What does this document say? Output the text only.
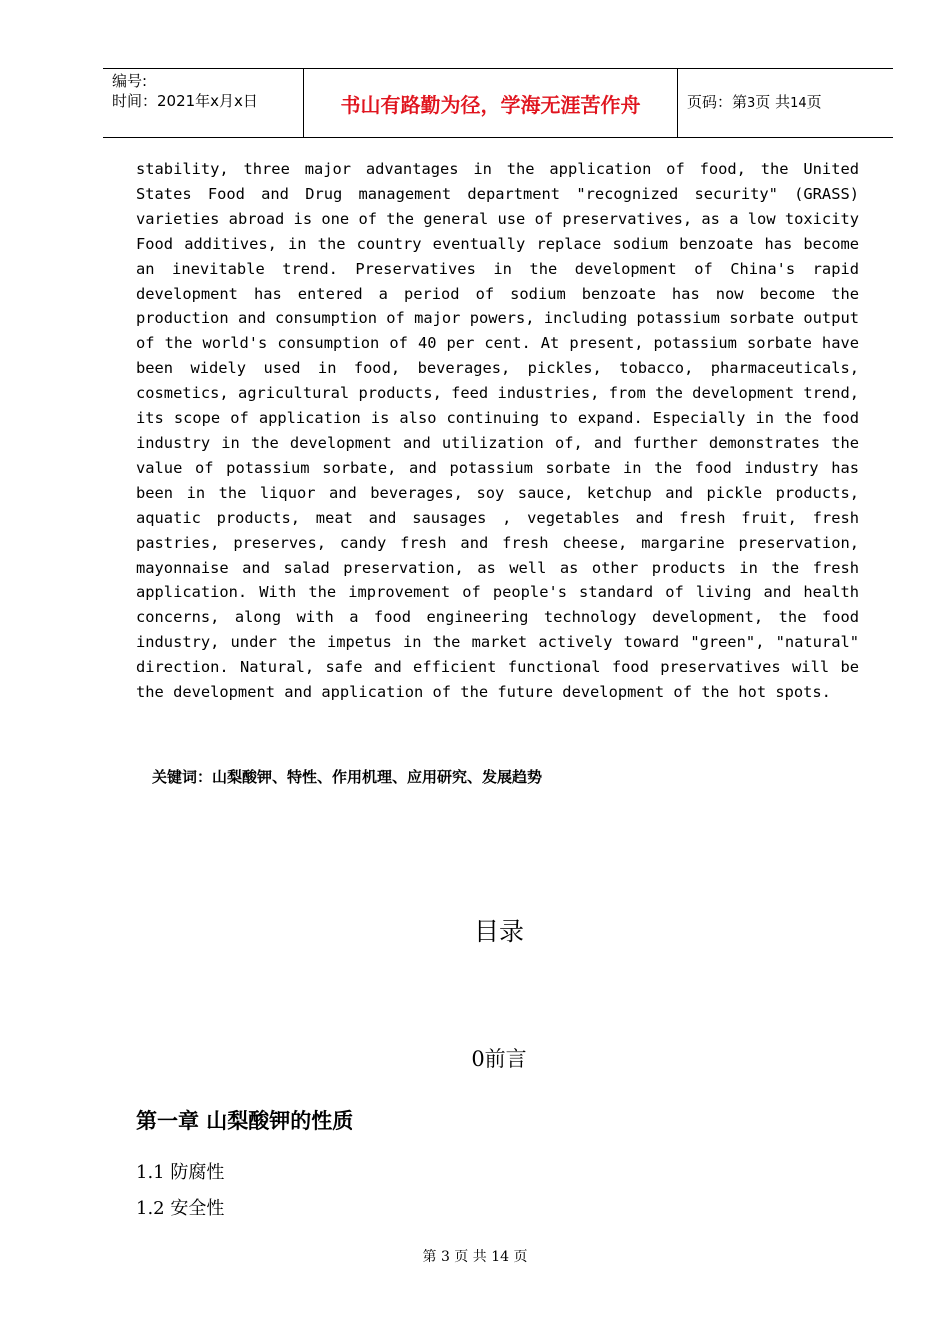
编号:
时间：2021年x月x日	书山有路勤为径，学海无涯苦作舟	页码：第3页 共14页
stability, three major advantages in the application of food, the United States Food and Drug management department "recognized security" (GRASS) varieties abroad is one of the general use of preservatives, as a low toxicity Food additives, in the country eventually replace sodium benzoate has become an inevitable trend. Preservatives in the development of China's rapid development has entered a period of sodium benzoate has now become the production and consumption of major powers, including potassium sorbate output of the world's consumption of 40 per cent. At present, potassium sorbate have been widely used in food, beverages, pickles, tobacco, pharmaceuticals, cosmetics, agricultural products, feed industries, from the development trend, its scope of application is also continuing to expand. Especially in the food industry in the development and utilization of, and further demonstrates the value of potassium sorbate, and potassium sorbate in the food industry has been in the liquor and beverages, soy sauce, ketchup and pickle products, aquatic products, meat and sausages , vegetables and fresh fruit, fresh pastries, preserves, candy fresh and fresh cheese, margarine preservation, mayonnaise and salad preservation, as well as other products in the fresh application. With the improvement of people's standard of living and health concerns, along with a food engineering technology development, the food industry, under the impetus in the market actively toward "green", "natural" direction. Natural, safe and efficient functional food preservatives will be the development and application of the future development of the hot spots.
关键词：山梨酸钾、特性、作用机理、应用研究、发展趋势
目录
0前言
第一章 山梨酸钾的性质
1.1 防腐性
1.2 安全性
第 3 页 共 14 页
